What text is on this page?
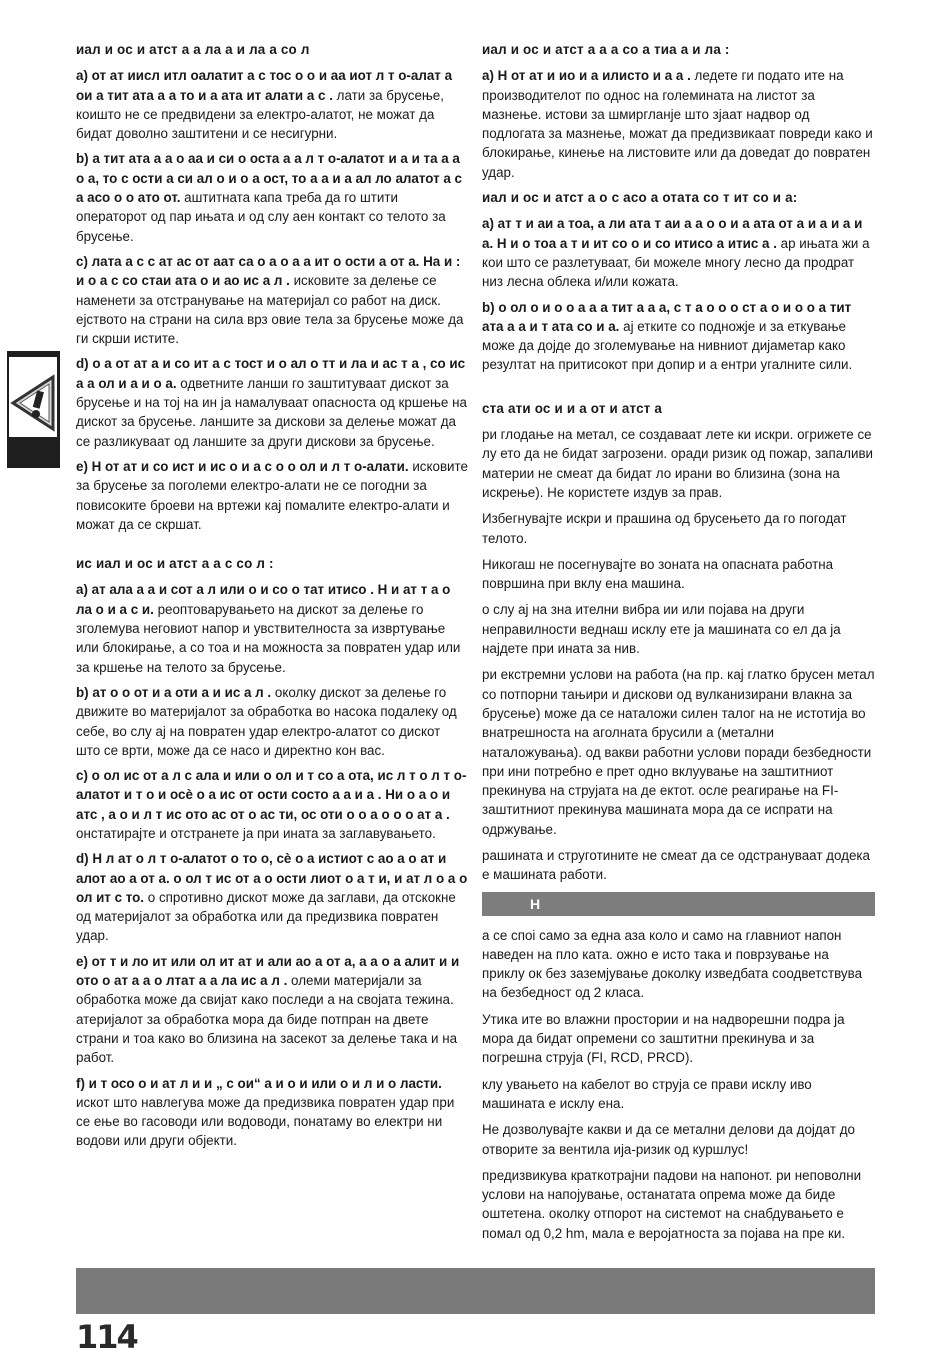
иал и ос и атст а а ла а и ла а со л
a) от ат иисл итл оалатит а с тос о о и аа иот л т о-алат а ои а тит ата а а то и а ата ит алати а с . лати за брусење, коишто не се предвидени за електро-алатот, не можат да бидат доволно заштитени и се несигурни.
b) а тит ата а а о аа и си о оста а а л т о-алатот и а и та а а о а, то с ости а си ал о и о а ост, то а а и а ал ло алатот а с а асо о о ато от. аштитната капа треба да го штити операторот од пар ињата и од слу аен контакт со телото за брусење.
c) лата а с с ат ас от аат са о а о а а ит о ости а от а. На и : и о а с со стаи ата о и ао ис а л . исковите за делење се наменети за отстранување на материјал со работ на диск. ејството на страни на сила врз овие тела за брусење може да ги скрши истите.
d) о а от ат а и со ит а с тост и о ал о тт и ла и ас т а , со ис а а ол и а и о а. одветните ланши го заштитуваат дискот за брусење и на тој на ин ја намалуваат опасноста од кршење на дискот за брусење. ланшите за дискови за делење можат да се разликуваат од ланшите за други дискови за брусење.
e) Н от ат и со ист и ис о и а с о о ол и л т о-алати. исковите за брусење за поголеми електро-алати не се погодни за повисоките броеви на вртежи кај помалите електро-алати и можат да се скршат.
ис иал и ос и атст а а с со л :
a) ат ала а а и сот а л или о и со о тат итисо . Н и ат т а о ла о и а с и. реоптоварувањето на дискот за делење го зголемува неговиот напор и увствителноста за извртување или блокирање, а со тоа и на можноста за повратен удар или за кршење на телото за брусење.
b) ат о о от и а оти а и ис а л . околку дискот за делење го движите во материјалот за обработка во насока подалеку од себе, во слу ај на повратен удар електро-алатот со дискот што се врти, може да се насо и директно кон вас.
c) о ол ис от а л с ала и или о ол и т со а ота, ис л т о л т о-алатот и т о и осè о а ис от ости состо а а и а . Ни о а о и атс , а о и л т ис ото ас от о ас ти, ос оти о о а о о о ат а . онстатирајте и отстранете ја при ината за заглавувањето.
d) Н л ат о л т о-алатот о то о, сè о а истиот с ао а о ат и алот ао а от а. о ол т ис от а о ости лиот о а т и, и ат л о а о ол ит с то. о спротивно дискот може да заглави, да отскокне од материјалот за обработка или да предизвика повратен удар.
e) от т и ло ит или ол ит ат и али ао а от а, а а о а алит и и ото о ат а а о лтат а а ла ис а л . олеми материјали за обработка може да свијат како последи а на својата тежина. атеријалот за обработка мора да биде потпран на двете страни и тоа како во близина на засекот за делење така и на работ.
f) и т осо о и ат л и и „ с ои“ а и о и или о и л и о ласти. искот што навлегува може да предизвика повратен удар при се ење во гасоводи или водоводи, понатаму во електри ни водови или други објекти.
иал и ос и атст а а а со а тиа а и ла :
a) Н от ат и ио и а илисто и а а . ледете ги подато ите на производителот по однос на големината на листот за мазнење. истови за шмиргланје што зјаат надвор од подлогата за мазнење, можат да предизвикаат повреди како и блокирање, кинење на листовите или да доведат до повратен удар.
иал и ос и атст а о с асо а отата со т ит со и а:
a) ат т и аи а тоа, а ли ата т аи а а о о и а ата от а и а и а и а. Н и о тоа а т и ит со о и со итисо а итис а . ар ињата жи а кои што се разлетуваат, би можеле многу лесно да продрат низ лесна облека и/или кожата.
b) о ол о и о о а а а тит а а а, с т а о о о ст а о и о о а тит ата а а и т ата со и а. ај етките со подножје и за еткување може да дојде до зголемување на нивниот дијаметар како резултат на притисокот при допир и а ентри угалните сили.
ста ати ос и и а от и атст а
ри глодање на метал, се создаваат лете ки искри. огрижете се лу ето да не бидат загрозени. оради ризик од пожар, запаливи материи не смеат да бидат ло ирани во близина (зона на искрење). Не користете издув за прав.
Избегнувајте искри и прашина од брусењето да го погодат телото.
Никогаш не посегнувајте во зоната на опасната работна површина при вклу ена машина.
о слу ај на зна ителни вибра ии или појава на други неправилности веднаш исклу ете ја машината со ел да ја најдете при ината за нив.
ри екстремни услови на работа (на пр. кај глатко брусен метал со потпорни тањири и дискови од вулканизирани влакна за брусење) може да се наталожи силен талог на не истотија во внатрешноста на аголната брусили а (метални наталожувања). од вакви работни услови поради безбедности при ини потребно е прет одно вклуување на заштитниот прекинува на струјата на де ектот. осле реагирање на FI-заштитниот прекинува машината мора да се испрати на одржување.
рашината и струготините не смеат да се одстрануваат додека е машината работи.
Н
а се споi само за една аза коло и само на главниот напон наведен на пло ката. ожно е исто така и поврзување на приклу ок без заземјување доколку изведбата соодветствува на безбедност од 2 класа.
Утика ите во влажни простории и на надворешни подра ја мора да бидат опремени со заштитни прекинува и за погрешна струја (FI, RCD, PRCD).
клу увањето на кабелот во струја се прави исклу иво машината е исклу ена.
Не дозволувајте какви и да се метални делови да дојдат до отворите за вентила ија-ризик од куршлус!
предизвикува краткотрајни падови на напонот. ри неповолни услови на напојување, останатата опрема може да биде оштетена. околку отпорот на системот на снабдувањето е помал од 0,2 hm, мала е веројатноста за појава на пре ки.
114
